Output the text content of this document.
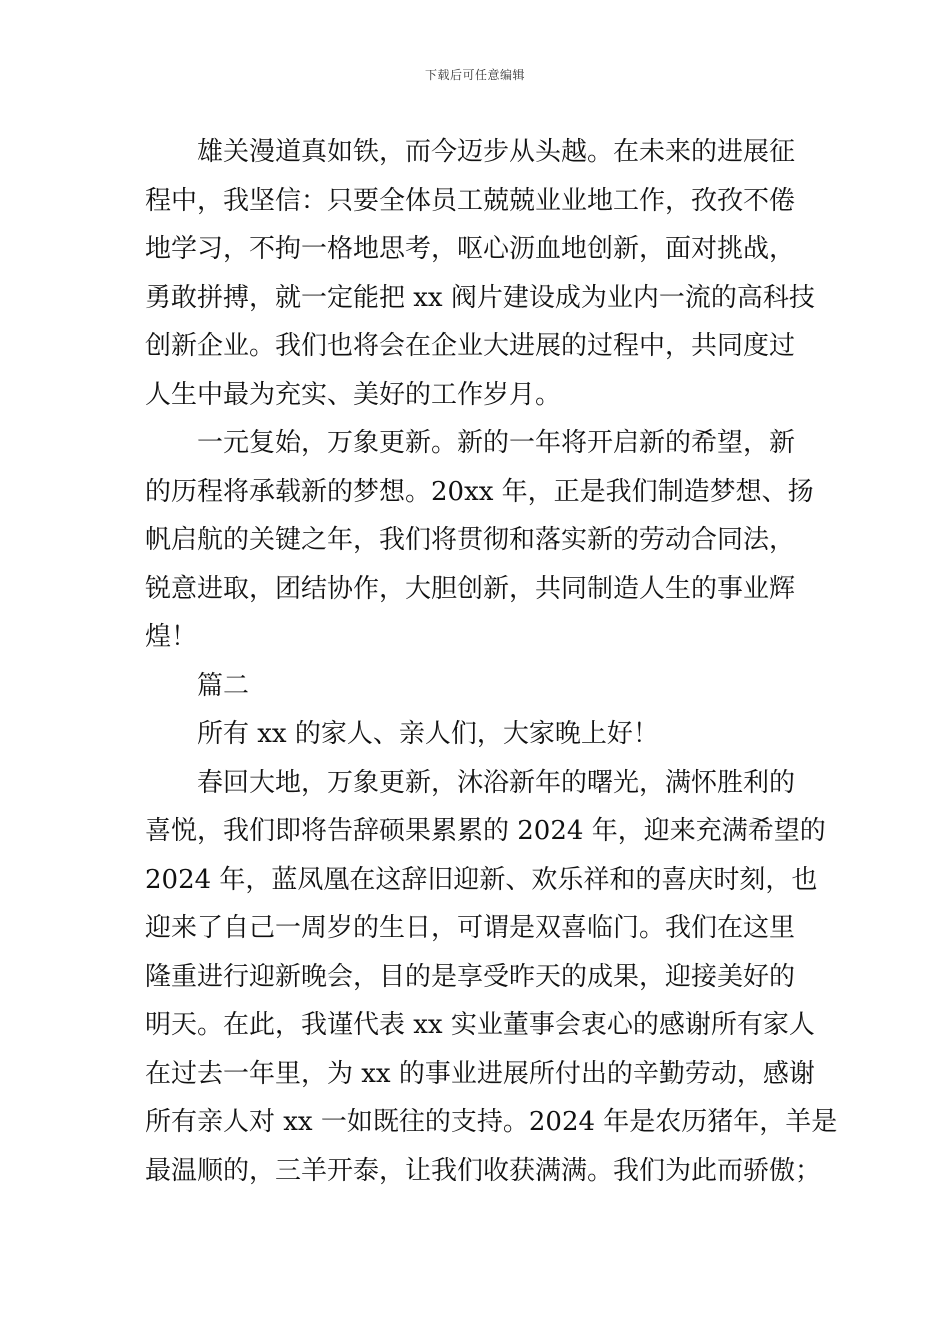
下载后可任意编辑
雄关漫道真如铁，而今迈步从头越。在未来的进展征
程中，我坚信：只要全体员工兢兢业业地工作，孜孜不倦
地学习，不拘一格地思考，呕心沥血地创新，面对挑战，
勇敢拼搏，就一定能把 xx 阀片建设成为业内一流的高科技
创新企业。我们也将会在企业大进展的过程中，共同度过
人生中最为充实、美好的工作岁月。
一元复始，万象更新。新的一年将开启新的希望，新
的历程将承载新的梦想。20xx 年，正是我们制造梦想、扬
帆启航的关键之年，我们将贯彻和落实新的劳动合同法，
锐意进取，团结协作，大胆创新，共同制造人生的事业辉
煌！
篇二
所有 xx 的家人、亲人们，大家晚上好！
春回大地，万象更新，沐浴新年的曙光，满怀胜利的
喜悦，我们即将告辞硕果累累的 2024 年，迎来充满希望的
2024 年，蓝凤凰在这辞旧迎新、欢乐祥和的喜庆时刻，也
迎来了自己一周岁的生日，可谓是双喜临门。我们在这里
隆重进行迎新晚会，目的是享受昨天的成果，迎接美好的
明天。在此，我谨代表 xx 实业董事会衷心的感谢所有家人
在过去一年里，为 xx 的事业进展所付出的辛勤劳动，感谢
所有亲人对 xx 一如既往的支持。2024 年是农历猪年，羊是
最温顺的，三羊开泰，让我们收获满满。我们为此而骄傲；
